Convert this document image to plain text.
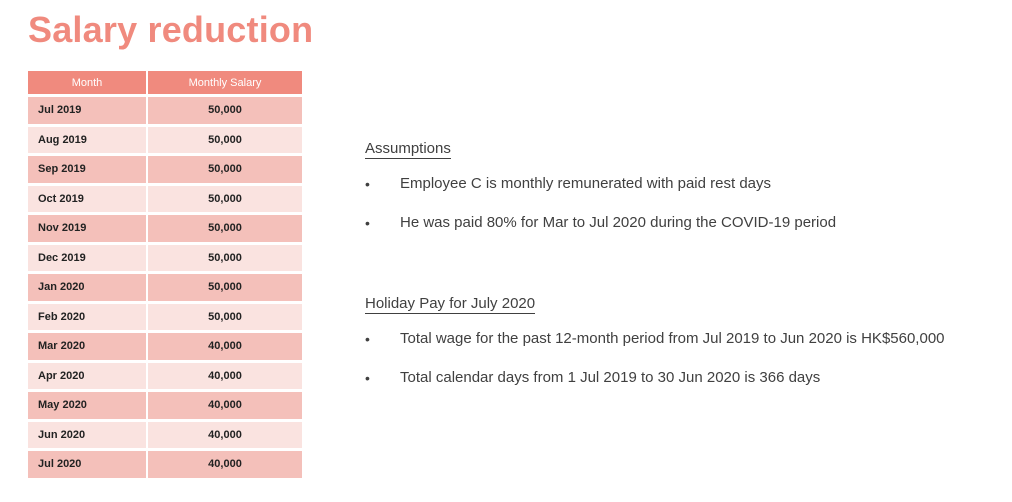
Salary reduction
Month	Monthly Salary
Jul 2019	50,000
Aug 2019	50,000
Sep 2019	50,000
Oct 2019	50,000
Nov 2019	50,000
Dec 2019	50,000
Jan 2020	50,000
Feb 2020	50,000
Mar 2020	40,000
Apr 2020	40,000
May 2020	40,000
Jun 2020	40,000
Jul 2020	40,000
Assumptions
• Employee C is monthly remunerated with paid rest days
• He was paid 80% for Mar to Jul 2020 during the COVID-19 period
Holiday Pay for July 2020
• Total wage for the past 12-month period from Jul 2019 to Jun 2020 is HK$560,000
• Total calendar days from 1 Jul 2019 to 30 Jun 2020 is 366 days
